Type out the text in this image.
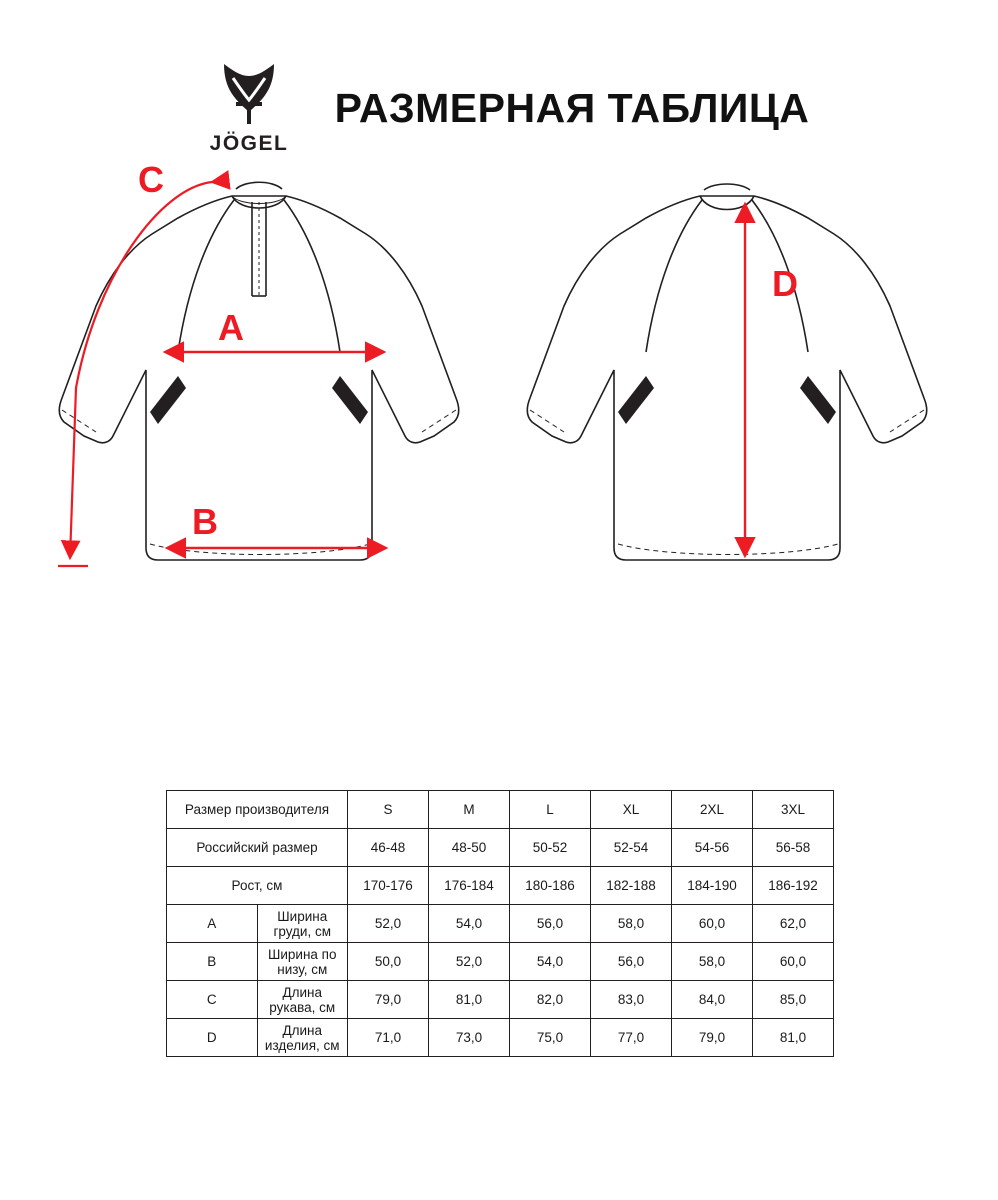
JÖGEL
РАЗМЕРНАЯ ТАБЛИЦА
A
B
C
D
Размер производителя		S	M	L	XL	2XL	3XL
Российский размер		46-48	48-50	50-52	52-54	54-56	56-58
Рост, см		170-176	176-184	180-186	182-188	184-190	186-192
A	Ширина груди, см	52,0	54,0	56,0	58,0	60,0	62,0
B	Ширина по низу, см	50,0	52,0	54,0	56,0	58,0	60,0
C	Длина рукава, см	79,0	81,0	82,0	83,0	84,0	85,0
D	Длина изделия, см	71,0	73,0	75,0	77,0	79,0	81,0
